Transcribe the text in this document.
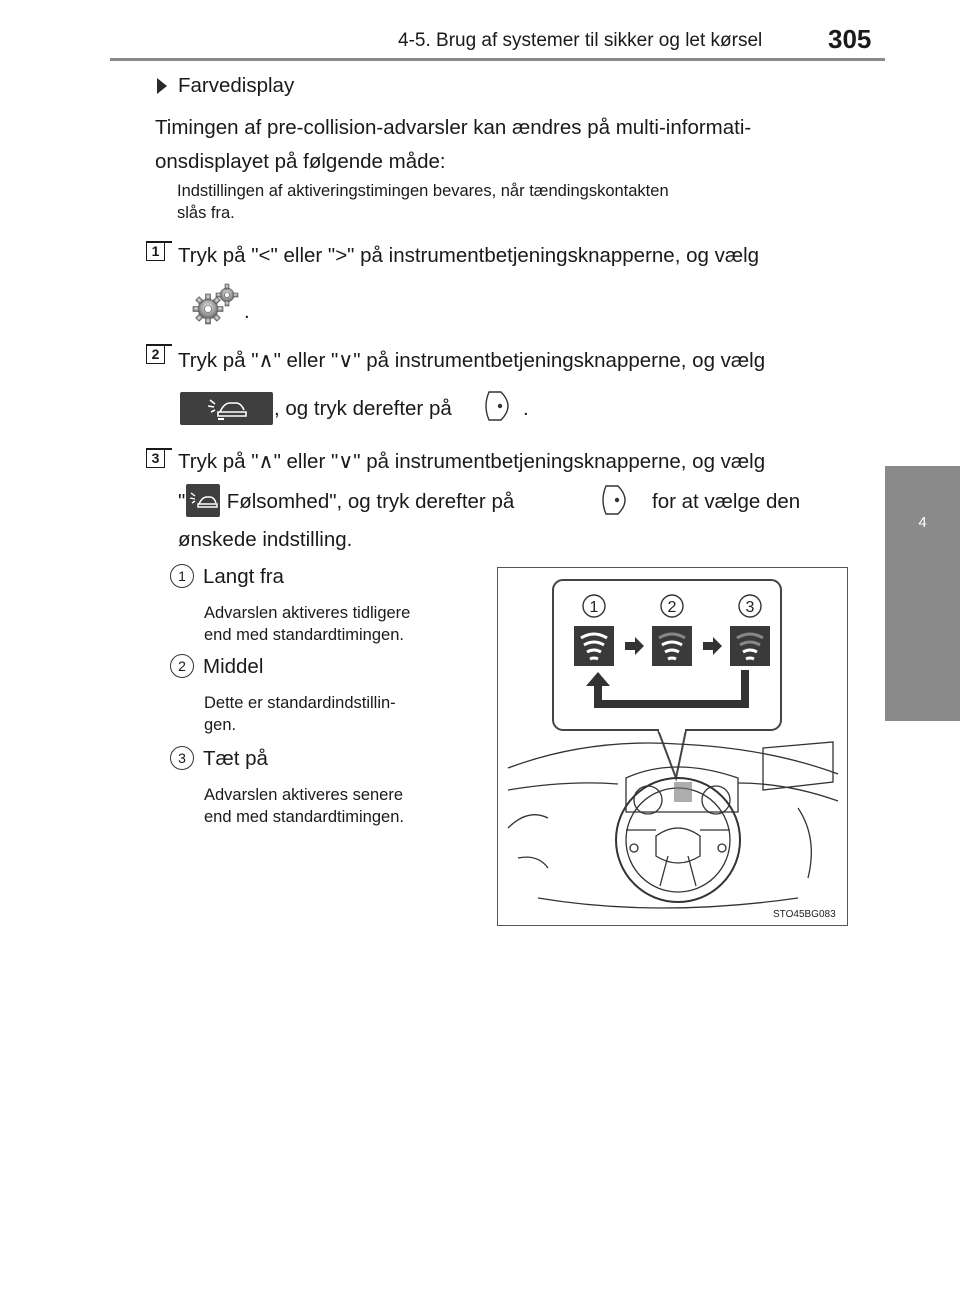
4-5. Brug af systemer til sikker og let kørsel	305
4
Kørsel
Farvedisplay
Timingen af pre-collision-advarsler kan ændres på multi-informati-
onsdisplayet på følgende måde:
Indstillingen af aktiveringstimingen bevares, når tændingskontakten
slås fra.
1 Tryk på "<" eller ">" på instrumentbetjeningsknapperne, og vælg
.
2 Tryk på "∧" eller "∨" på instrumentbetjeningsknapperne, og vælg
, og tryk derefter på	.
3 Tryk på "∧" eller "∨" på instrumentbetjeningsknapperne, og vælg
" Følsomhed", og tryk derefter på	for at vælge den
ønskede indstilling.
1 Langt fra
Advarslen aktiveres tidligere
end med standardtimingen.
2 Middel
Dette er standardindstillin-
gen.
3 Tæt på
Advarslen aktiveres senere
end med standardtimingen.
1	2	3
STO45BG083
